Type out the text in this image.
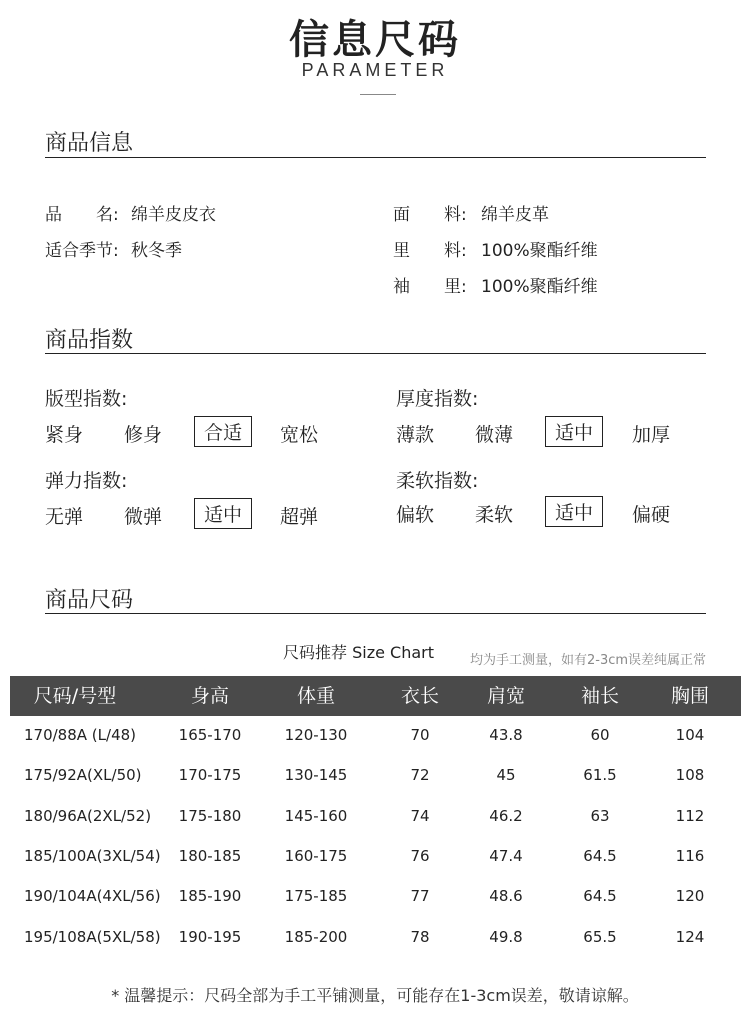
信息尺码
PARAMETER
商品信息
品　　名: 绵羊皮皮衣
适合季节: 秋冬季
面　　料: 绵羊皮革
里　　料: 100%聚酯纤维
袖　　里: 100%聚酯纤维
商品指数
版型指数:
紧身 修身	合适	宽松
厚度指数:
薄款 微薄	适中	加厚
弹力指数:
无弹 微弹	适中	超弹
柔软指数:
偏软 柔软	适中	偏硬
商品尺码
尺码推荐 Size Chart	均为手工测量，如有2-3cm误差纯属正常
尺码/号型	身高	体重	衣长	肩宽	袖长	胸围
170/88A (L/48)	165-170	120-130	70	43.8	60	104
175/92A(XL/50)	170-175	130-145	72	45	61.5	108
180/96A(2XL/52)	175-180	145-160	74	46.2	63	112
185/100A(3XL/54)	180-185	160-175	76	47.4	64.5	116
190/104A(4XL/56)	185-190	175-185	77	48.6	64.5	120
195/108A(5XL/58)	190-195	185-200	78	49.8	65.5	124
* 温馨提示：尺码全部为手工平铺测量，可能存在1-3cm误差，敬请谅解。
